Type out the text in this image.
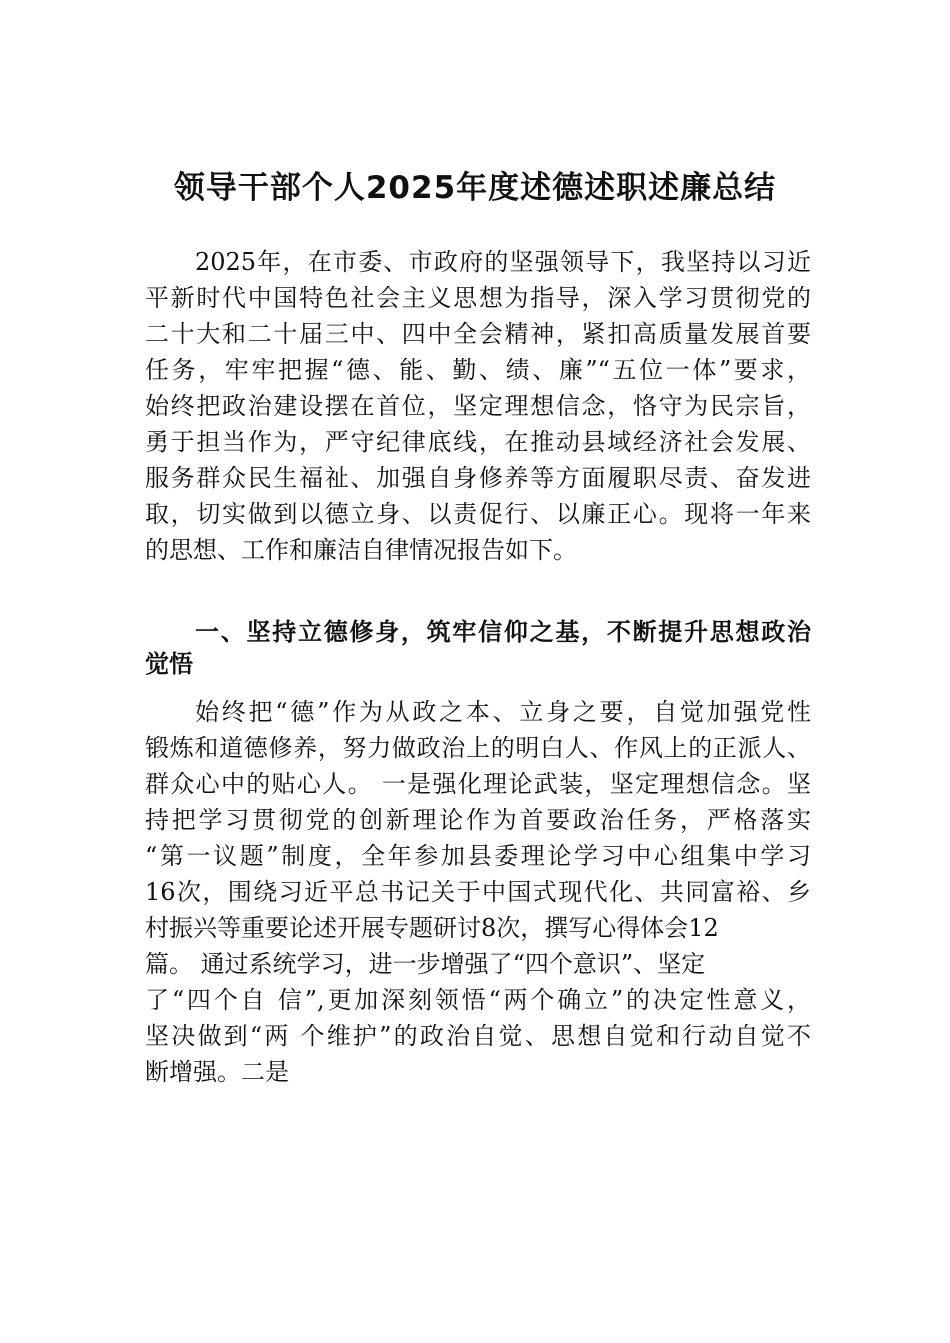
领导干部个人2025年度述德述职述廉总结
2025年，在市委、市政府的坚强领导下，我坚持以习近
平新时代中国特色社会主义思想为指导，深入学习贯彻党的
二十大和二十届三中、四中全会精神，紧扣高质量发展首要
任务，牢牢把握“德、能、勤、绩、廉”“五位一体”要求，
始终把政治建设摆在首位，坚定理想信念，恪守为民宗旨，
勇于担当作为，严守纪律底线，在推动县域经济社会发展、
服务群众民生福祉、加强自身修养等方面履职尽责、奋发进
取，切实做到以德立身、以责促行、以廉正心。现将一年来
的思想、工作和廉洁自律情况报告如下。
一、坚持立德修身，筑牢信仰之基，不断提升思想政治
觉悟
始终把“德”作为从政之本、立身之要，自觉加强党性
锻炼和道德修养，努力做政治上的明白人、作风上的正派人、
群众心中的贴心人。 一是强化理论武装，坚定理想信念。坚
持把学习贯彻党的创新理论作为首要政治任务，严格落实
“第一议题”制度，全年参加县委理论学习中心组集中学习
16次，围绕习近平总书记关于中国式现代化、共同富裕、乡
村振兴等重要论述开展专题研讨8次，撰写心得体会12
篇。 通过系统学习，进一步增强了“四个意识”、坚定
了“四个自 信”,更加深刻领悟“两个确立”的决定性意义，
坚决做到“两 个维护”的政治自觉、思想自觉和行动自觉不
断增强。二是
